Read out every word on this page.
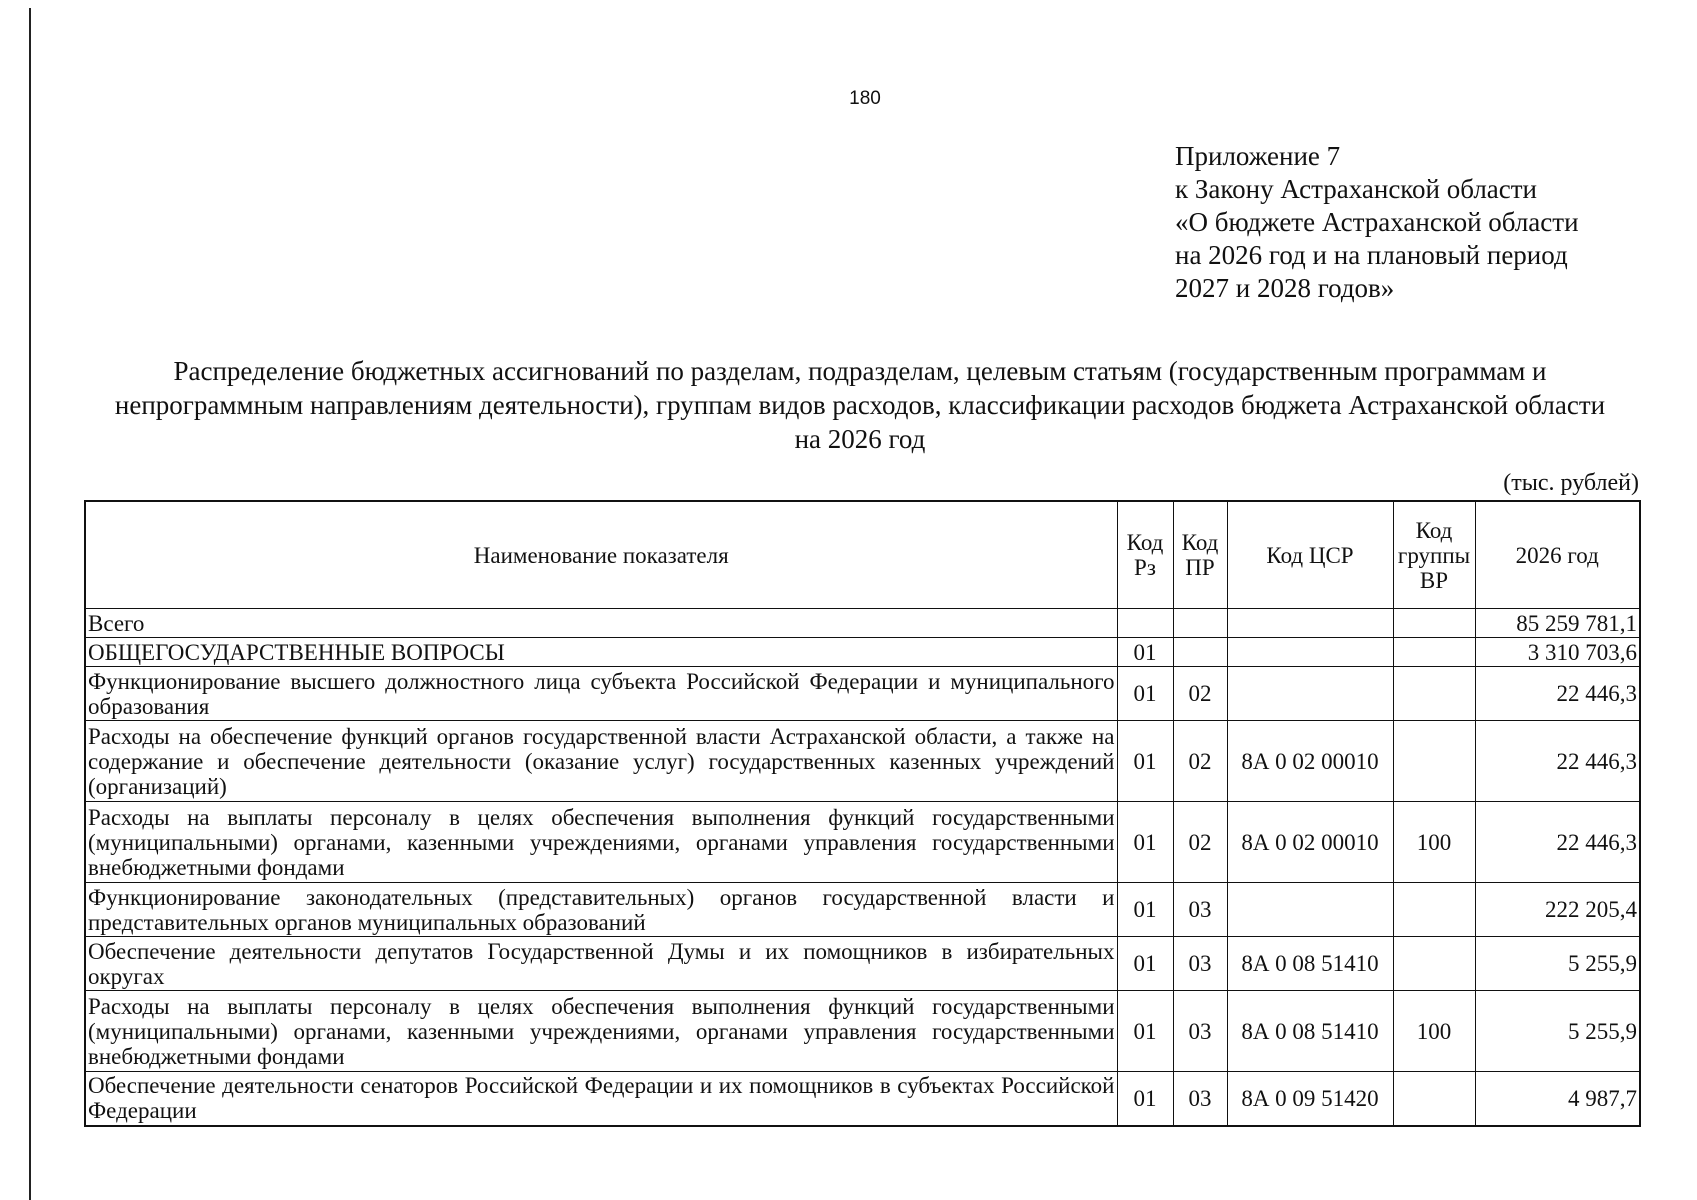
180
Приложение 7
к Закону Астраханской области
«О бюджете Астраханской области
на 2026 год и на плановый период
2027 и 2028 годов»
Распределение бюджетных ассигнований по разделам, подразделам, целевым статьям (государственным программам и
непрограммным направлениям деятельности), группам видов расходов, классификации расходов бюджета Астраханской области
на 2026 год
(тыс. рублей)
Наименование показателя	Код Рз	Код ПР	Код ЦСР	Код группы ВР	2026 год
Всего					85 259 781,1
ОБЩЕГОСУДАРСТВЕННЫЕ ВОПРОСЫ	01				3 310 703,6
Функционирование высшего должностного лица субъекта Российской Федерации и муниципального образования	01	02			22 446,3
Расходы на обеспечение функций органов государственной власти Астраханской области, а также на содержание и обеспечение деятельности (оказание услуг) государственных казенных учреждений (организаций)	01	02	8А 0 02 00010		22 446,3
Расходы на выплаты персоналу в целях обеспечения выполнения функций государственными (муниципальными) органами, казенными учреждениями, органами управления государственными внебюджетными фондами	01	02	8А 0 02 00010	100	22 446,3
Функционирование законодательных (представительных) органов государственной власти и представительных органов муниципальных образований	01	03			222 205,4
Обеспечение деятельности депутатов Государственной Думы и их помощников в избирательных округах	01	03	8А 0 08 51410		5 255,9
Расходы на выплаты персоналу в целях обеспечения выполнения функций государственными (муниципальными) органами, казенными учреждениями, органами управления государственными внебюджетными фондами	01	03	8А 0 08 51410	100	5 255,9
Обеспечение деятельности сенаторов Российской Федерации и их помощников в субъектах Российской Федерации	01	03	8А 0 09 51420		4 987,7
